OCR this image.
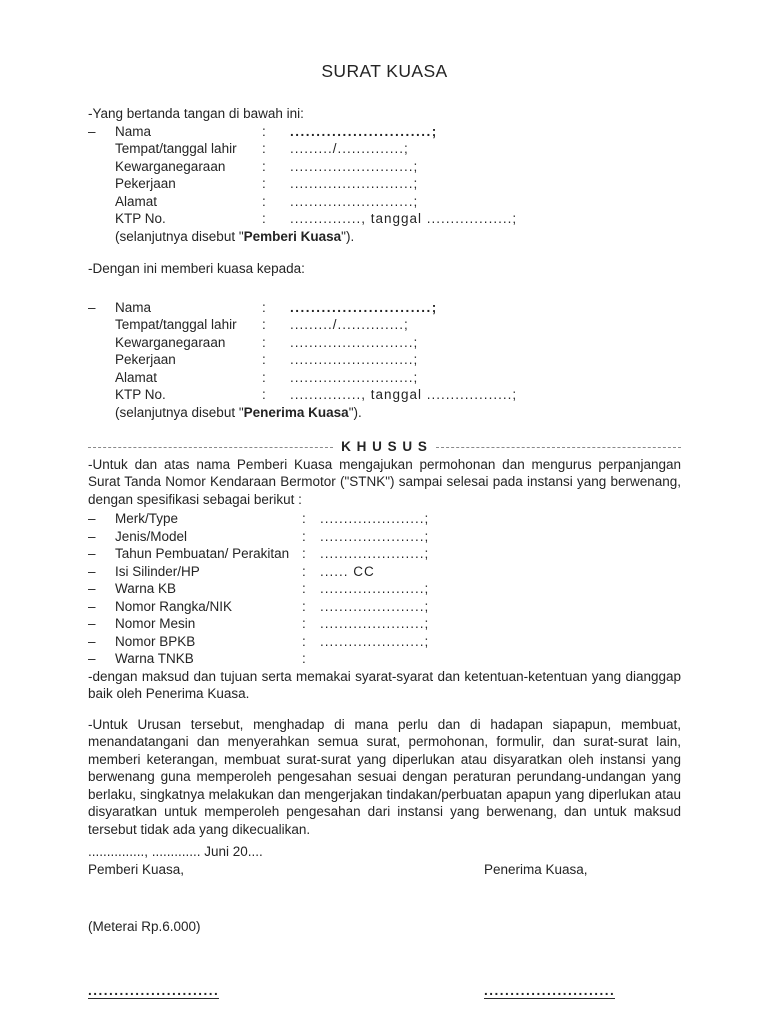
SURAT KUASA

-Yang bertanda tangan di bawah ini:

–	Nama	:	...........................;
Tempat/tanggal lahir	:	........./..............;
Kewarganegaraan	:	..........................;
Pekerjaan	:	..........................;
Alamat	:	..........................;
KTP No.	:	..............., tanggal ..................;
(selanjutnya disebut "Pemberi Kuasa").

-Dengan ini memberi kuasa kepada:

–	Nama	:	...........................;
Tempat/tanggal lahir	:	........./..............;
Kewarganegaraan	:	..........................;
Pekerjaan	:	..........................;
Alamat	:	..........................;
KTP No.	:	..............., tanggal ..................;
(selanjutnya disebut "Penerima Kuasa").
K H U S U S

-Untuk dan atas nama Pemberi Kuasa mengajukan permohonan dan mengurus perpanjangan Surat Tanda Nomor Kendaraan Bermotor ("STNK") sampai selesai pada instansi yang berwenang, dengan spesifikasi sebagai berikut :

–	Merk/Type	:	......................;
–	Jenis/Model	:	......................;
–	Tahun Pembuatan/ Perakitan :	......................;
–	Isi Silinder/HP	:	...... CC
–	Warna KB	:	......................;
–	Nomor Rangka/NIK	:	......................;
–	Nomor Mesin	:	......................;
–	Nomor BPKB	:	......................;
–	Warna TNKB	:

-dengan maksud dan tujuan serta memakai syarat-syarat dan ketentuan-ketentuan yang dianggap baik oleh Penerima Kuasa.

-Untuk Urusan tersebut, menghadap di mana perlu dan di hadapan siapapun, membuat, menandatangani dan menyerahkan semua surat, permohonan, formulir, dan surat-surat lain, memberi keterangan, membuat surat-surat yang diperlukan atau disyaratkan oleh instansi yang berwenang guna memperoleh pengesahan sesuai dengan peraturan perundang-undangan yang berlaku, singkatnya melakukan dan mengerjakan tindakan/perbuatan apapun yang diperlukan atau disyaratkan untuk memperoleh pengesahan dari instansi yang berwenang, dan untuk maksud tersebut tidak ada yang dikecualikan.

..............., ............. Juni 20....
Pemberi Kuasa,	Penerima Kuasa,
(Meterai Rp.6.000)
.........................	.........................
